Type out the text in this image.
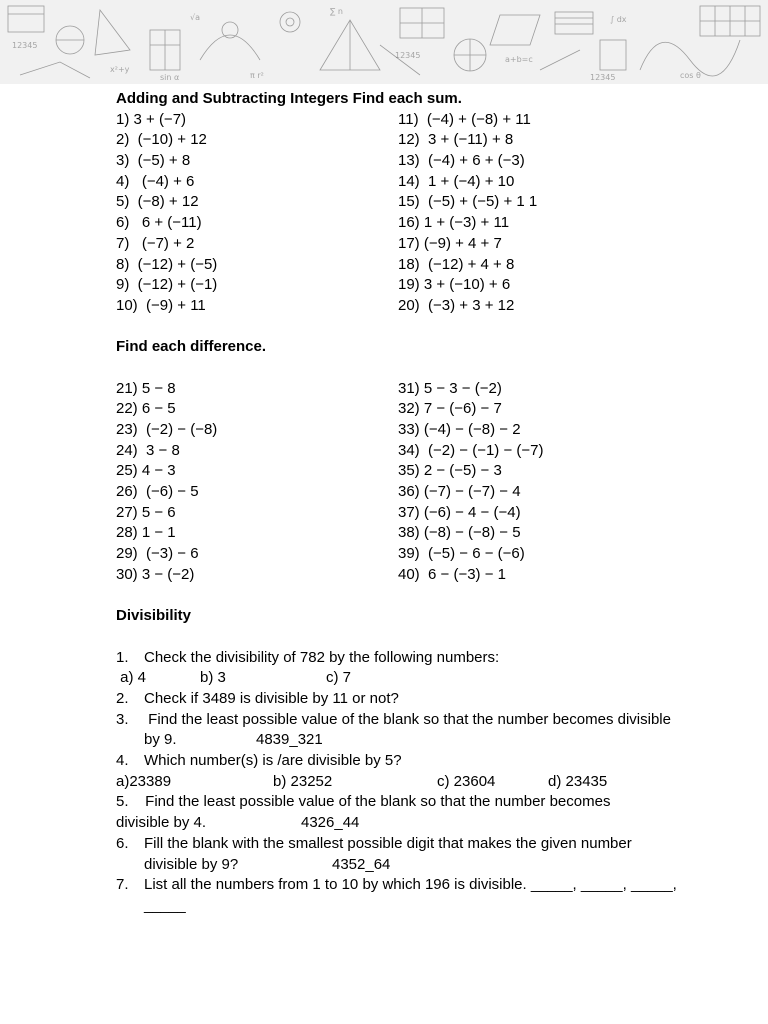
12345
x²+y
√a
π r²
∑ n
12345	a+b=c
∫ dx
cos θ
12345
sin α
Adding and Subtracting Integers Find each sum.
1) 3 + (−7)	11)  (−4) + (−8) + 11
2)  (−10) + 12	12)  3 + (−11) + 8
3)  (−5) + 8	13)  (−4) + 6 + (−3)
4)   (−4) + 6	14)  1 + (−4) + 10
5)  (−8) + 12	15)  (−5) + (−5) + 1 1
6)   6 + (−11)	16) 1 + (−3) + 11
7)   (−7) + 2	17) (−9) + 4 + 7
8)  (−12) + (−5)	18)  (−12) + 4 + 8
9)  (−12) + (−1)	19) 3 + (−10) + 6
10)  (−9) + 11	20)  (−3) + 3 + 12
Find each difference.
21) 5 − 8	31) 5 − 3 − (−2)
22) 6 − 5	32) 7 − (−6) − 7
23)  (−2) − (−8)	33) (−4) − (−8) − 2
24)  3 − 8	34)  (−2) − (−1) − (−7)
25) 4 − 3	35) 2 − (−5) − 3
26)  (−6) − 5	36) (−7) − (−7) − 4
27) 5 − 6	37) (−6) − 4 − (−4)
28) 1 − 1	38) (−8) − (−8) − 5
29)  (−3) − 6	39)  (−5) − 6 − (−6)
30) 3 − (−2)	40)  6 − (−3) − 1
Divisibility
1. Check the divisibility of 782 by the following numbers:
a) 4	b) 3	c) 7
2. Check if 3489 is divisible by 11 or not?
3. Find the least possible value of the blank so that the number becomes divisible
by 9.	4839_321
4. Which number(s) is /are divisible by 5?
a)23389	b) 23252	c) 23604	d) 23435
5.    Find the least possible value of the blank so that the number becomes
divisible by 4.	4326_44
6. Fill the blank with the smallest possible digit that makes the given number
divisible by 9?	4352_64
7. List all the numbers from 1 to 10 by which 196 is divisible. _____, _____, _____,
_____
